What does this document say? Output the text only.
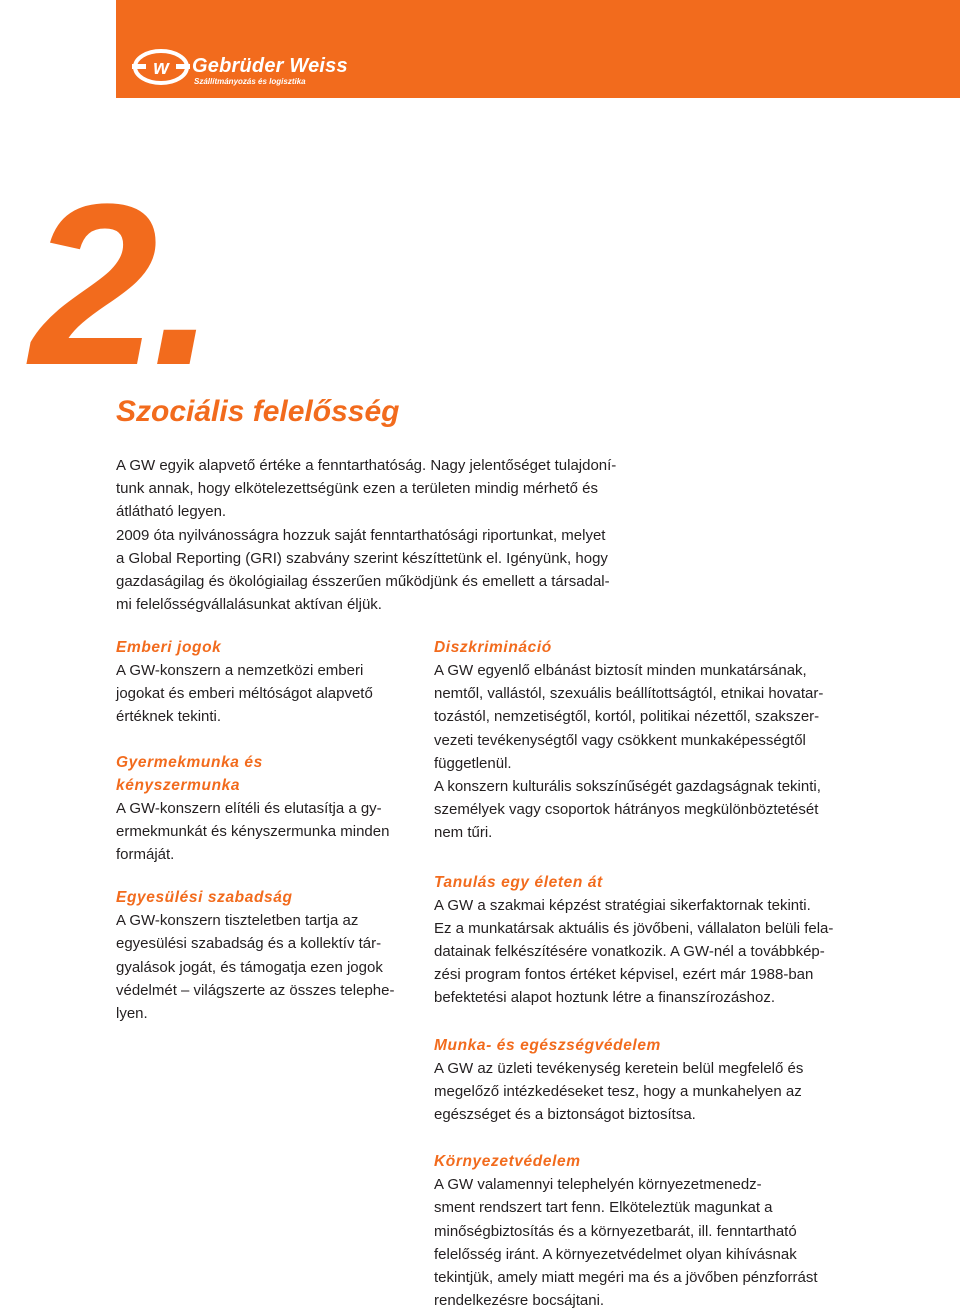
w Gebrüder Weiss
Szállítmányozás és logisztika
2.
Szociális felelősség

A GW egyik alapvető értéke a fenntarthatóság. Nagy jelentőséget tulajdoní-
tunk annak, hogy elkötelezettségünk ezen a területen mindig mérhető és
átlátható legyen.
2009 óta nyilvánosságra hozzuk saját fenntarthatósági riportunkat, melyet
a Global Reporting (GRI) szabvány szerint készíttetünk el. Igényünk, hogy
gazdaságilag és ökológiailag ésszerűen működjünk és emellett a társadal-
mi felelősségvállalásunkat aktívan éljük.

Emberi jogok

A GW-konszern a nemzetközi emberi
jogokat és emberi méltóságot alapvető
értéknek tekinti.

Gyermekmunka és
kényszermunka

A GW-konszern elítéli és elutasítja a gy-
ermekmunkát és kényszermunka minden
formáját.

Egyesülési szabadság

A GW-konszern tiszteletben tartja az
egyesülési szabadság és a kollektív tár-
gyalások jogát, és támogatja ezen jogok
védelmét – világszerte az összes telephe-
lyen.

Diszkrimináció

A GW egyenlő elbánást biztosít minden munkatársának,
nemtől, vallástól, szexuális beállítottságtól, etnikai hovatar-
tozástól, nemzetiségtől, kortól, politikai nézettől, szakszer-
vezeti tevékenységtől vagy csökkent munkaképességtől
függetlenül.
A konszern kulturális sokszínűségét gazdagságnak tekinti,
személyek vagy csoportok hátrányos megkülönböztetését
nem tűri.

Tanulás egy életen át

A GW a szakmai képzést stratégiai sikerfaktornak tekinti.
Ez a munkatársak aktuális és jövőbeni, vállalaton belüli fela-
datainak felkészítésére vonatkozik. A GW-nél a továbbkép-
zési program fontos értéket képvisel, ezért már 1988-ban
befektetési alapot hoztunk létre a finanszírozáshoz.

Munka- és egészségvédelem

A GW az üzleti tevékenység keretein belül megfelelő és
megelőző intézkedéseket tesz, hogy a munkahelyen az
egészséget és a biztonságot biztosítsa.

Környezetvédelem

A GW valamennyi telephelyén környezetmenedz-
sment rendszert tart fenn. Elköteleztük magunkat a
minőségbiztosítás és a környezetbarát, ill. fenntartható
felelősség iránt. A környezetvédelmet olyan kihívásnak
tekintjük, amely miatt megéri ma és a jövőben pénzforrást
rendelkezésre bocsájtani.
